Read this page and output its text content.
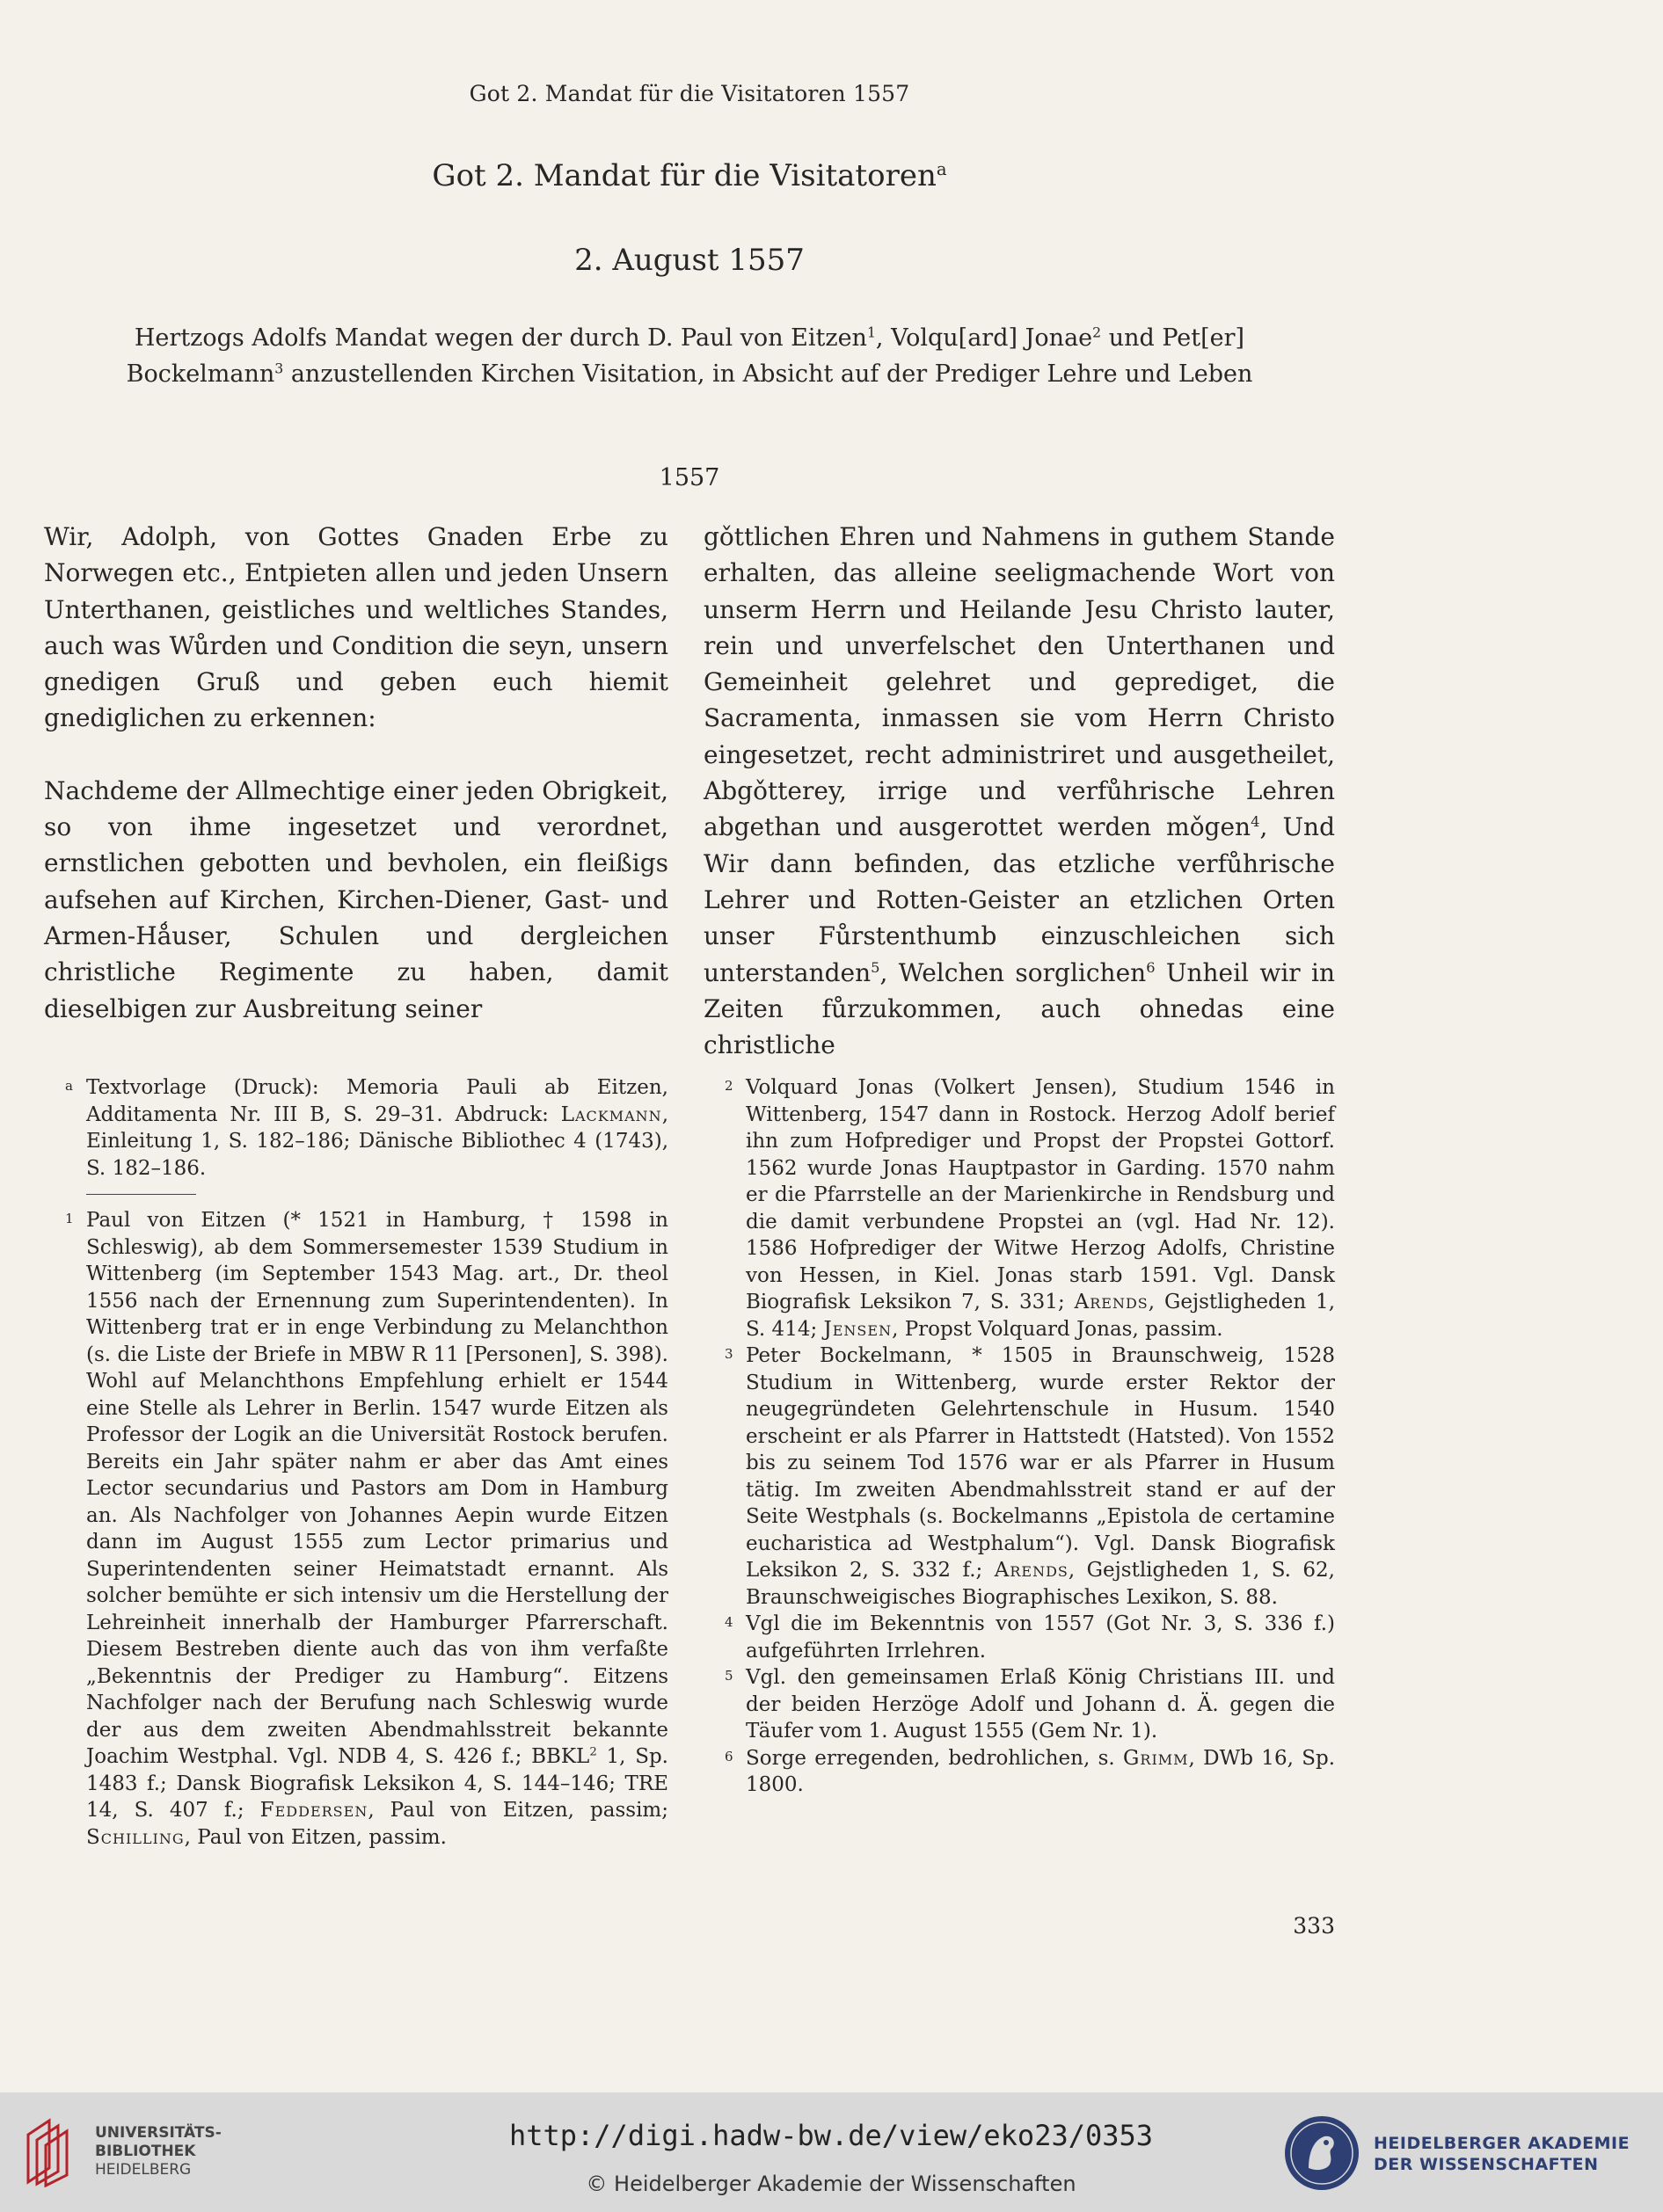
Got 2. Mandat für die Visitatoren 1557
Got 2. Mandat für die Visitatoren$^a$
2. August 1557
Hertzogs Adolfs Mandat wegen der durch D. Paul von Eitzen$^1$, Volqu[ard] Jonae$^2$ und Pet[er] Bockelmann$^3$ anzustellenden Kirchen Visitation, in Absicht auf der Prediger Lehre und Leben
1557

Wir, Adolph, von Gottes Gnaden Erbe zu Norwegen etc., Entpieten allen und jeden Unsern Unterthanen, geistliches und weltliches Standes, auch was Wůrden und Condition die seyn, unsern gnedigen Gruß und geben euch hiemit gnediglichen zu erkennen:

Nachdeme der Allmechtige einer jeden Obrigkeit, so von ihme ingesetzet und verordnet, ernstlichen gebotten und bevholen, ein fleißigs aufsehen auf Kirchen, Kirchen-Diener, Gast- und Armen-Hǻuser, Schulen und dergleichen christliche Regimente zu haben, damit dieselbigen zur Ausbreitung seiner

gǒttlichen Ehren und Nahmens in guthem Stande erhalten, das alleine seeligmachende Wort von unserm Herrn und Heilande Jesu Christo lauter, rein und unverfelschet den Unterthanen und Gemeinheit gelehret und geprediget, die Sacramenta, inmassen sie vom Herrn Christo eingesetzet, recht administriret und ausgetheilet, Abgǒtterey, irrige und verfůhrische Lehren abgethan und ausgerottet werden mǒgen$^4$, Und Wir dann befinden, das etzliche verfůhrische Lehrer und Rotten-Geister an etzlichen Orten unser Fůrstenthumb einzuschleichen sich unterstanden$^5$, Welchen sorglichen$^6$ Unheil wir in Zeiten fůrzukommen, auch ohnedas eine christliche

a Textvorlage (Druck): Memoria Pauli ab Eitzen, Additamenta Nr. III B, S. 29–31. Abdruck: Lackmann, Einleitung 1, S. 182–186; Dänische Bibliothec 4 (1743), S. 182–186.
1 Paul von Eitzen (* 1521 in Hamburg, † 1598 in Schleswig), ab dem Sommersemester 1539 Studium in Wittenberg (im September 1543 Mag. art., Dr. theol 1556 nach der Ernennung zum Superintendenten). In Wittenberg trat er in enge Verbindung zu Melanchthon (s. die Liste der Briefe in MBW R 11 [Personen], S. 398). Wohl auf Melanchthons Empfehlung erhielt er 1544 eine Stelle als Lehrer in Berlin. 1547 wurde Eitzen als Professor der Logik an die Universität Rostock berufen. Bereits ein Jahr später nahm er aber das Amt eines Lector secundarius und Pastors am Dom in Hamburg an. Als Nachfolger von Johannes Aepin wurde Eitzen dann im August 1555 zum Lector primarius und Superintendenten seiner Heimatstadt ernannt. Als solcher bemühte er sich intensiv um die Herstellung der Lehreinheit innerhalb der Hamburger Pfarrerschaft. Diesem Bestreben diente auch das von ihm verfaßte „Bekenntnis der Prediger zu Hamburg“. Eitzens Nachfolger nach der Berufung nach Schleswig wurde der aus dem zweiten Abendmahlsstreit bekannte Joachim Westphal. Vgl. NDB 4, S. 426 f.; BBKL$^2$ 1, Sp. 1483 f.; Dansk Biografisk Leksikon 4, S. 144–146; TRE 14, S. 407 f.; Feddersen, Paul von Eitzen, passim; Schilling, Paul von Eitzen, passim.
2 Volquard Jonas (Volkert Jensen), Studium 1546 in Wittenberg, 1547 dann in Rostock. Herzog Adolf berief ihn zum Hofprediger und Propst der Propstei Gottorf. 1562 wurde Jonas Hauptpastor in Garding. 1570 nahm er die Pfarrstelle an der Marienkirche in Rendsburg und die damit verbundene Propstei an (vgl. Had Nr. 12). 1586 Hofprediger der Witwe Herzog Adolfs, Christine von Hessen, in Kiel. Jonas starb 1591. Vgl. Dansk Biografisk Leksikon 7, S. 331; Arends, Gejstligheden 1, S. 414; Jensen, Propst Volquard Jonas, passim.
3 Peter Bockelmann, * 1505 in Braunschweig, 1528 Studium in Wittenberg, wurde erster Rektor der neugegründeten Gelehrtenschule in Husum. 1540 erscheint er als Pfarrer in Hattstedt (Hatsted). Von 1552 bis zu seinem Tod 1576 war er als Pfarrer in Husum tätig. Im zweiten Abendmahlsstreit stand er auf der Seite Westphals (s. Bockelmanns „Epistola de certamine eucharistica ad Westphalum“). Vgl. Dansk Biografisk Leksikon 2, S. 332 f.; Arends, Gejstligheden 1, S. 62, Braunschweigisches Biographisches Lexikon, S. 88.
4 Vgl die im Bekenntnis von 1557 (Got Nr. 3, S. 336 f.) aufgeführten Irrlehren.
5 Vgl. den gemeinsamen Erlaß König Christians III. und der beiden Herzöge Adolf und Johann d. Ä. gegen die Täufer vom 1. August 1555 (Gem Nr. 1).
6 Sorge erregenden, bedrohlichen, s. Grimm, DWb 16, Sp. 1800.
333
UNIVERSITÄTS-
BIBLIOTHEK
HEIDELBERG
http://digi.hadw-bw.de/view/eko23/0353
© Heidelberger Akademie der Wissenschaften
HEIDELBERGER AKADEMIE
DER WISSENSCHAFTEN
